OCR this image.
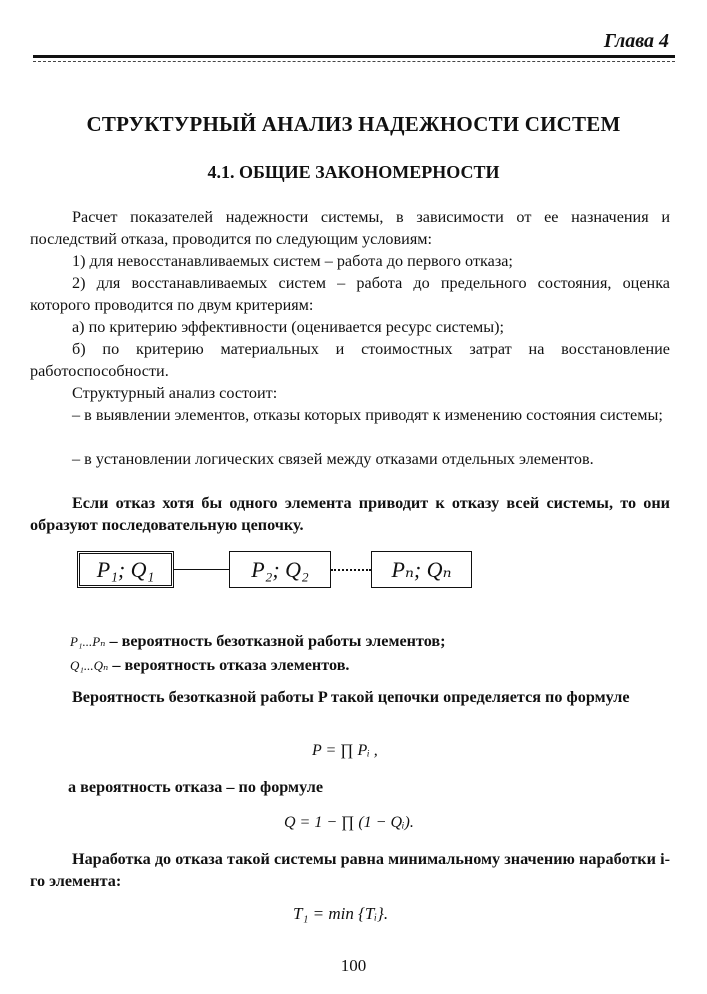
Глава 4
СТРУКТУРНЫЙ АНАЛИЗ НАДЕЖНОСТИ СИСТЕМ
4.1. ОБЩИЕ ЗАКОНОМЕРНОСТИ

Расчет показателей надежности системы, в зависимости от ее назначения и последствий отказа, проводится по следующим условиям:

1) для невосстанавливаемых систем – работа до первого отказа;

2) для восстанавливаемых систем – работа до предельного состояния, оценка которого проводится по двум критериям:

а) по критерию эффективности (оценивается ресурс системы);

б) по критерию материальных и стоимостных затрат на восстановление работоспособности.

Структурный анализ состоит:

– в выявлении элементов, отказы которых приводят к изменению состояния системы;

– в установлении логических связей между отказами отдельных элементов.

Если отказ хотя бы одного элемента приводит к отказу всей системы, то они образуют последовательную цепочку.

P₁; Q₁	P₂; Q₂	Pₙ; Qₙ
P₁...Pₙ – вероятность безотказной работы элементов;
Q₁...Qₙ – вероятность отказа элементов.

Вероятность безотказной работы P такой цепочки определяется по формуле

P = ∏ Pᵢ ,

а вероятность отказа – по формуле

Q = 1 − ∏ (1 − Qᵢ).

Наработка до отказа такой системы равна минимальному значению наработки i-го элемента:

T₁ = min {Tᵢ}.
100
